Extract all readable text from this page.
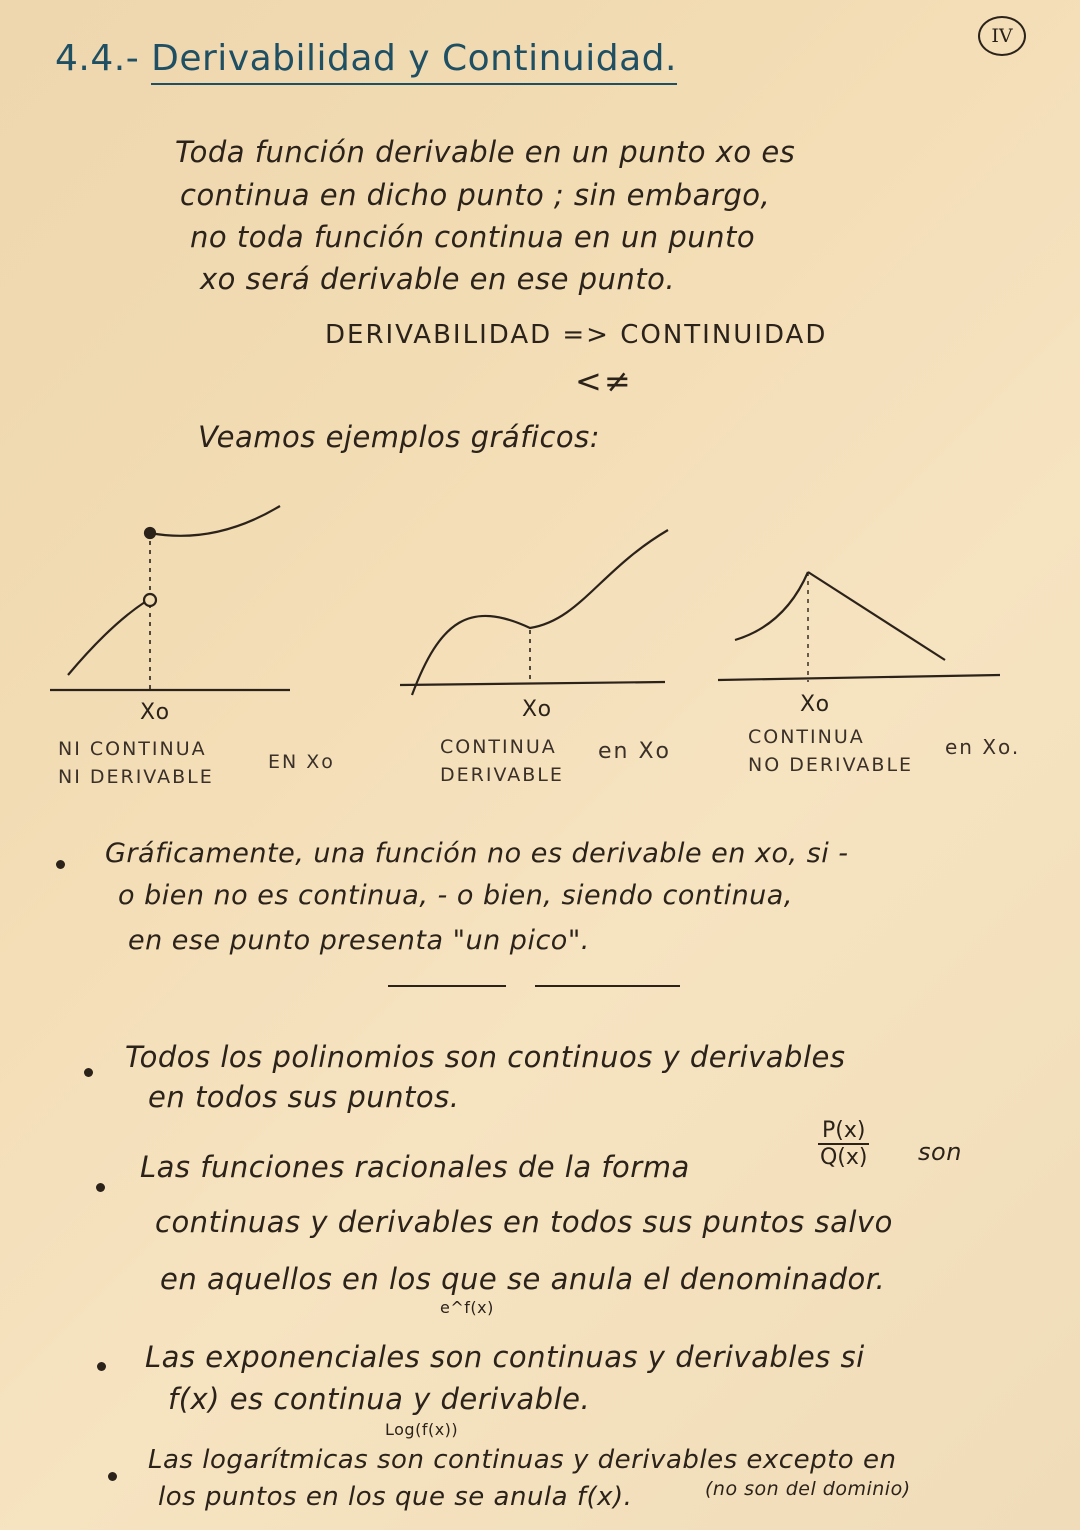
IV
4.4.- Derivabilidad y Continuidad.
Toda función derivable en un punto xo es
continua en dicho punto ; sin embargo,
no toda función continua en un punto
xo será derivable en ese punto.
DERIVABILIDAD => CONTINUIDAD
<≠
Veamos ejemplos gráficos:
Xo
NI CONTINUA
NI DERIVABLE
EN Xo
Xo
CONTINUA
DERIVABLE
en Xo
Xo
CONTINUA
NO DERIVABLE
en Xo.
Gráficamente, una función no es derivable en xo, si -
o bien no es continua, - o bien, siendo continua,
en ese punto presenta "un pico".
Todos los polinomios son continuos y derivables
en todos sus puntos.
Las funciones racionales de la forma	$\frac{P(x)}{Q(x)}$ son
continuas y derivables en todos sus puntos salvo
en aquellos en los que se anula el denominador.
e^f(x)
Las exponenciales son continuas y derivables si
f(x) es continua y derivable.
Log(f(x))
Las logarítmicas son continuas y derivables excepto en
los puntos en los que se anula f(x).	(no son del dominio)
